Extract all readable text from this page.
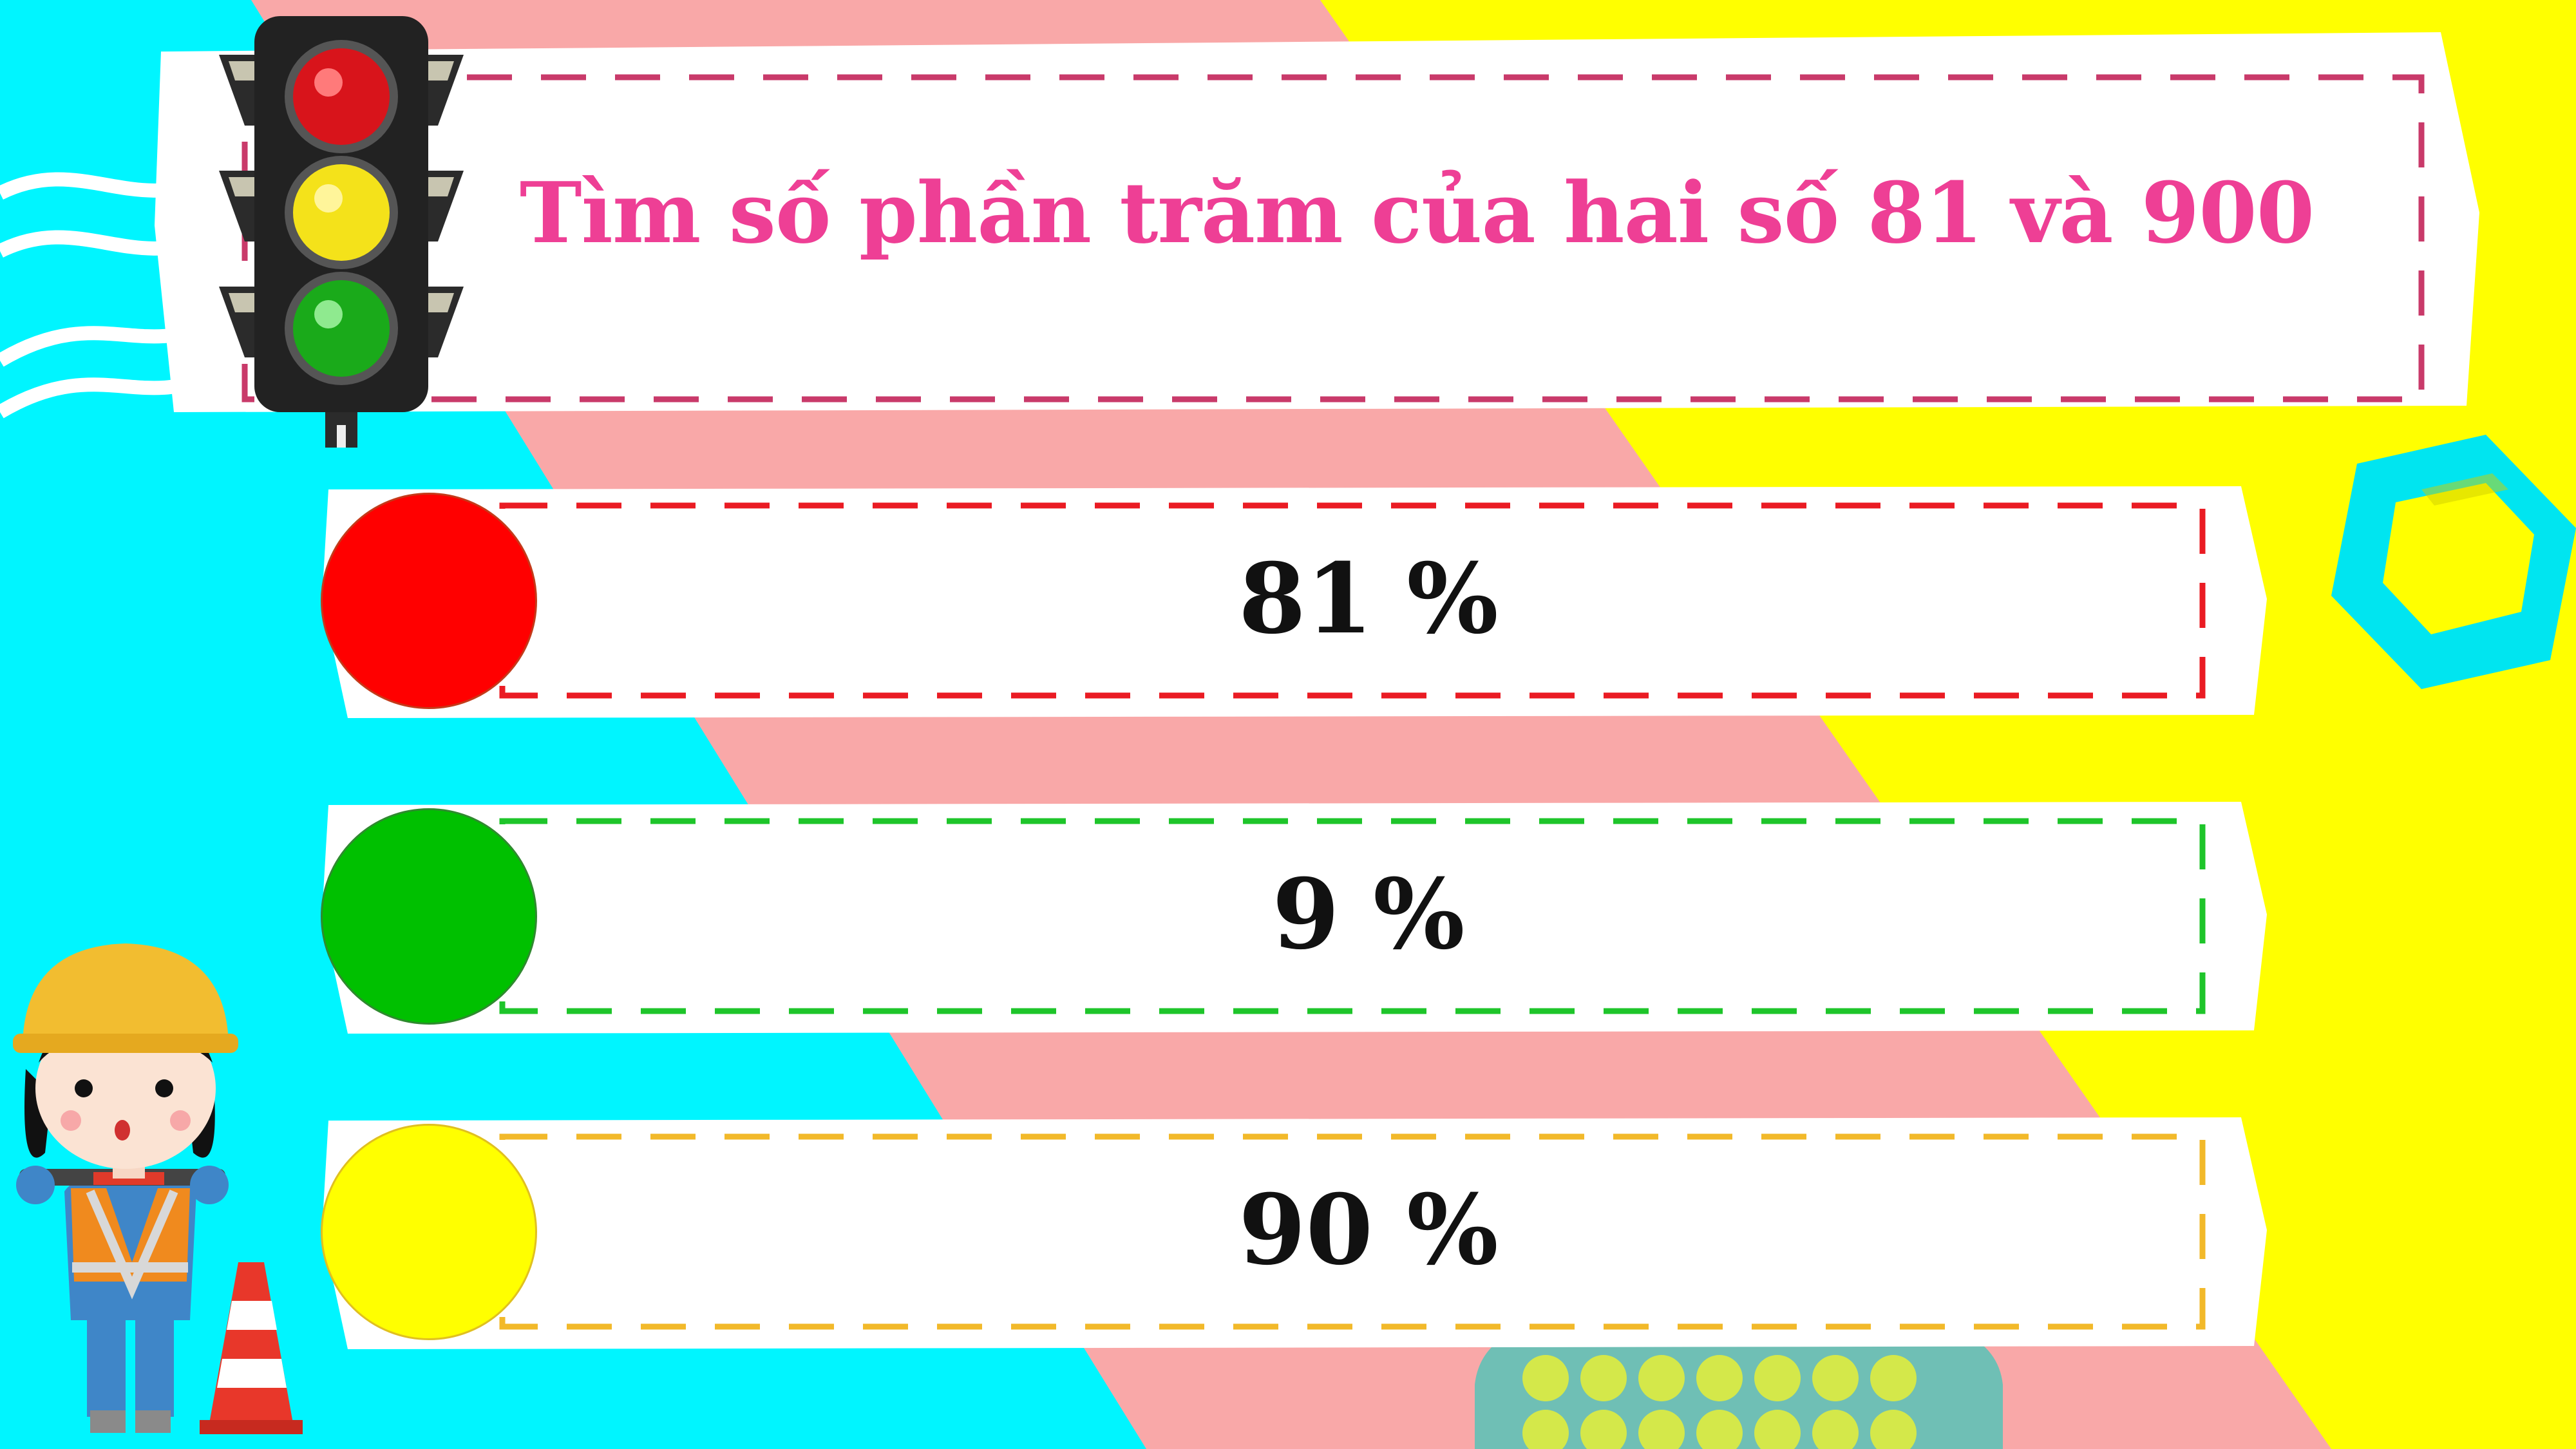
Tìm số phần trăm của hai số 81 và 900
81 %
9 %
90 %
